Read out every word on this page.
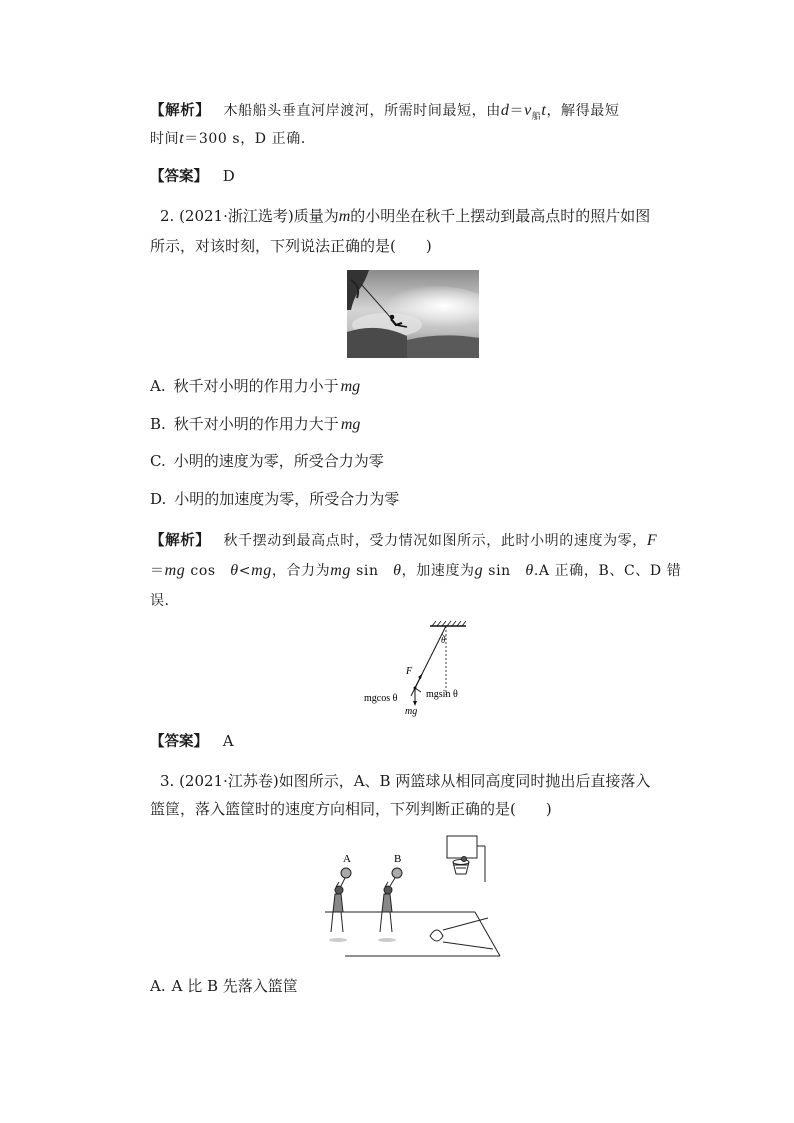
【解析】 木船船头垂直河岸渡河，所需时间最短，由$d=v_船t$，解得最短
时间t＝300 s，D 正确．
【答案】 D
2. (2021·浙江选考)质量为m的小明坐在秋千上摆动到最高点时的照片如图
所示，对该时刻，下列说法正确的是(　　)
A. 秋千对小明的作用力小于 mg
B. 秋千对小明的作用力大于 mg
C. 小明的速度为零，所受合力为零
D. 小明的加速度为零，所受合力为零
【解析】 秋千摆动到最高点时，受力情况如图所示，此时小明的速度为零，F
＝mg cos　θ<mg，合力为mg sin　θ，加速度为g sin　θ.A 正确，B、C、D 错
误．
θ
F
mgsin θ
mgcos θ
mg
【答案】 A
3. (2021·江苏卷)如图所示，A、B 两篮球从相同高度同时抛出后直接落入
篮筐，落入篮筐时的速度方向相同，下列判断正确的是(　　)
A	B
A. A 比 B 先落入篮筐
